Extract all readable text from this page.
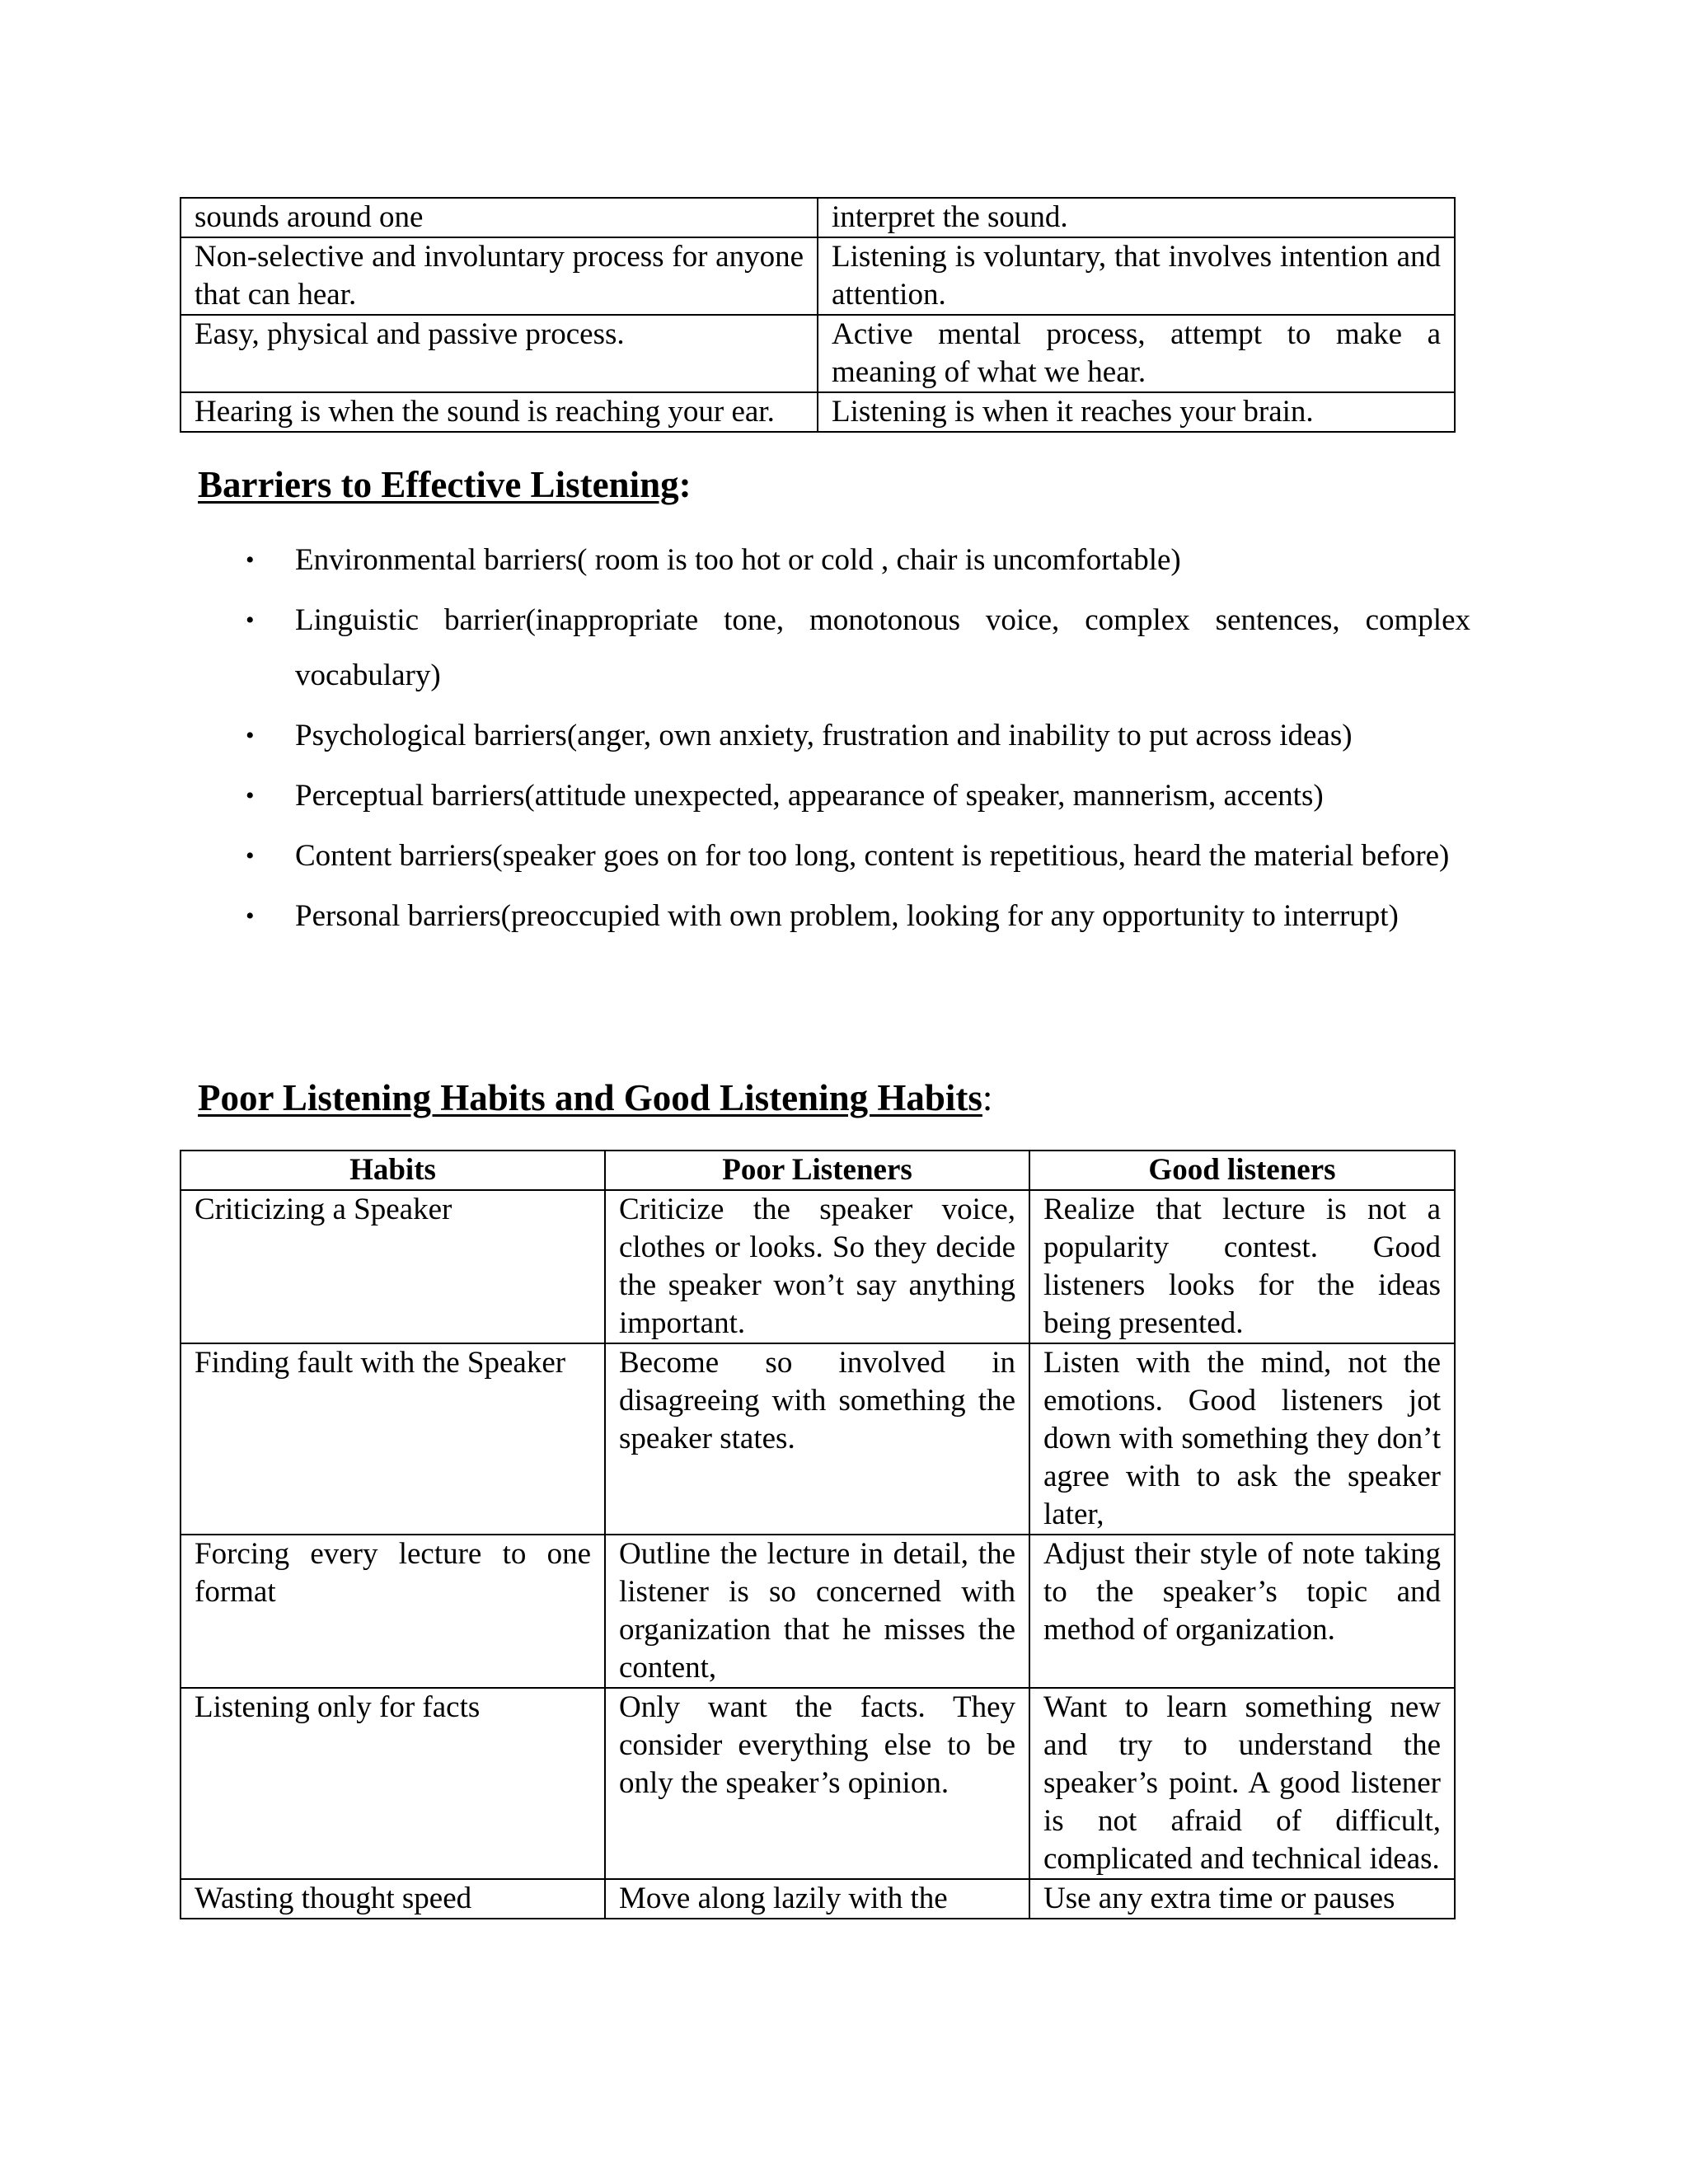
sounds around one	interpret the sound.
Non-selective and involuntary process for anyone that can hear.	Listening is voluntary, that involves intention and attention.
Easy, physical and passive process.	Active mental process, attempt to make a meaning of what we hear.
Hearing is when the sound is reaching your ear.	Listening is when it reaches your brain.
Barriers to Effective Listening:
• Environmental barriers( room is too hot or cold , chair is uncomfortable)
• Linguistic barrier(inappropriate tone, monotonous voice, complex sentences, complex vocabulary)
• Psychological barriers(anger, own anxiety, frustration and inability to put across ideas)
• Perceptual barriers(attitude unexpected, appearance of speaker, mannerism, accents)
• Content barriers(speaker goes on for too long, content is repetitious, heard the material before)
• Personal barriers(preoccupied with own problem, looking for any opportunity to interrupt)
Poor Listening Habits and Good Listening Habits:
Habits	Poor Listeners	Good listeners
Criticizing a Speaker	Criticize the speaker voice, clothes or looks. So they decide the speaker won’t say anything important.	Realize that lecture is not a popularity contest. Good listeners looks for the ideas being presented.
Finding fault with the Speaker	Become so involved in disagreeing with something the speaker states.	Listen with the mind, not the emotions. Good listeners jot down with something they don’t agree with to ask the speaker later,
Forcing every lecture to one format	Outline the lecture in detail, the listener is so concerned with organization that he misses the content,	Adjust their style of note taking to the speaker’s topic and method of organization.
Listening only for facts	Only want the facts. They consider everything else to be only the speaker’s opinion.	Want to learn something new and try to understand the speaker’s point. A good listener is not afraid of difficult, complicated and technical ideas.
Wasting thought speed	Move along lazily with the	Use any extra time or pauses
